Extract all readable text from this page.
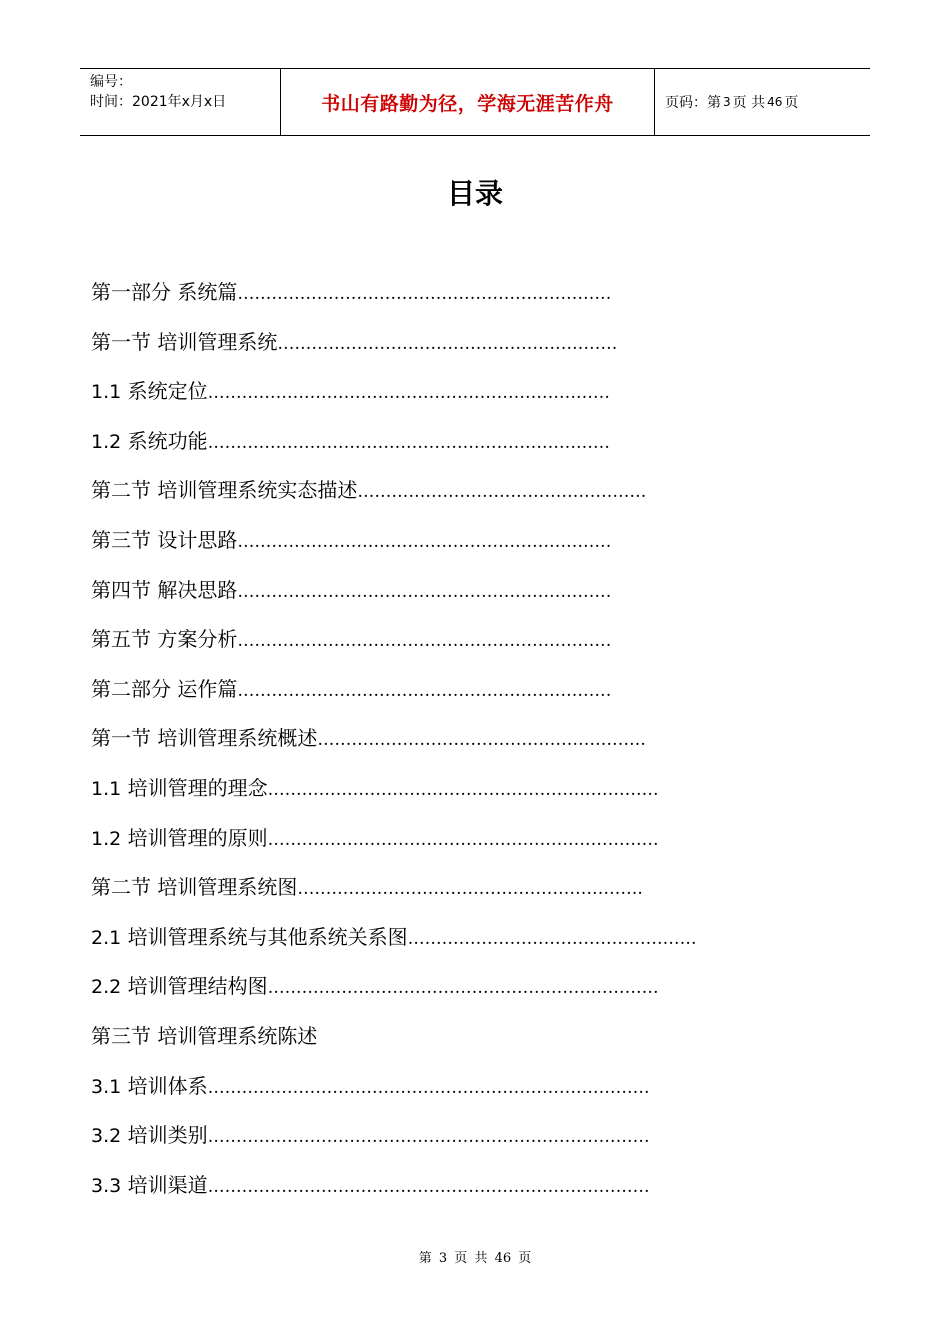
编号：
时间：2021年x月x日	书山有路勤为径，学海无涯苦作舟	页码：第 3 页 共 46 页
目录
第一部分 系统篇…………………………………………………………
第一节 培训管理系统……………………………………………………
1.1 系统定位……………………………………………………………‥
1.2 系统功能……………………………………………………………‥
第二节 培训管理系统实态描述……………………………………………
第三节 设计思路…………………………………………………………
第四节 解决思路…………………………………………………………
第五节 方案分析…………………………………………………………
第二部分 运作篇…………………………………………………………
第一节 培训管理系统概述………………………………………………….‌
1.1 培训管理的理念……………………………………………………………
1.2 培训管理的原则……………………………………………………………
第二节 培训管理系统图…………………………………………………….
2.1 培训管理系统与其他系统关系图……………………………………………
2.2 培训管理结构图……………………………………………………………
第三节 培训管理系统陈述
3.1 培训体系……………………………………………………………………
3.2 培训类别……………………………………………………………………
3.3 培训渠道……………………………………………………………………
第 3 页 共 46 页
